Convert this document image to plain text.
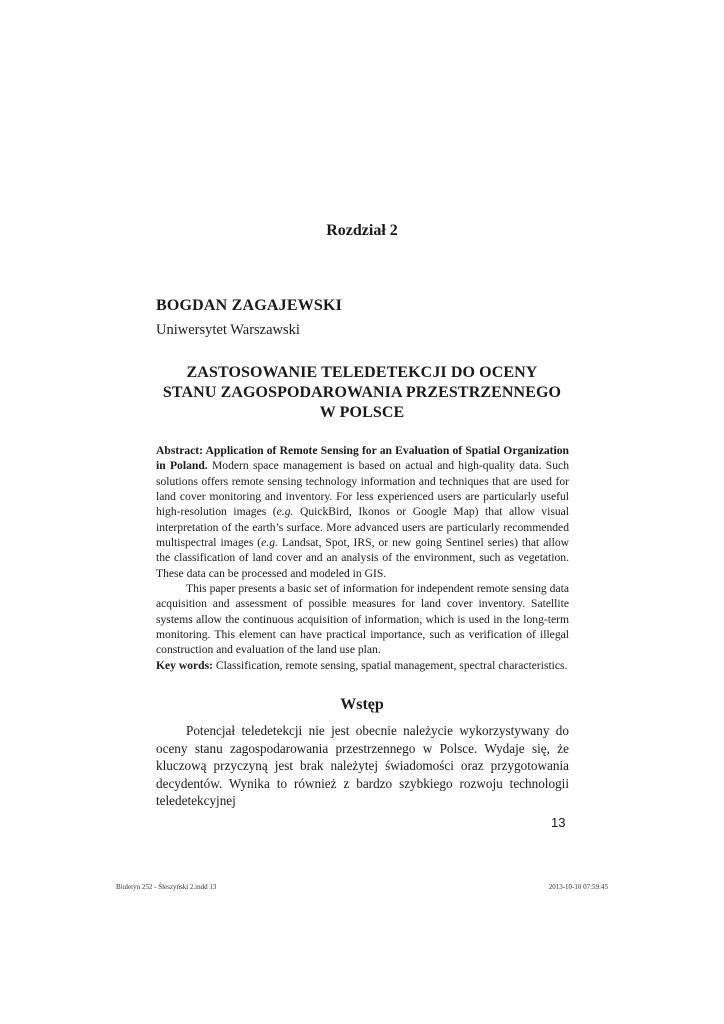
Rozdział 2
BOGDAN ZAGAJEWSKI
Uniwersytet Warszawski
ZASTOSOWANIE TELEDETEKCJI DO OCENY
STANU ZAGOSPODAROWANIA PRZESTRZENNEGO
W POLSCE

Abstract: Application of Remote Sensing for an Evaluation of Spatial Organization in Poland. Modern space management is based on actual and high-quality data. Such solutions offers remote sensing technology information and techniques that are used for land cover monitoring and inventory. For less experienced users are particularly useful high-resolution images (e.g. QuickBird, Ikonos or Google Map) that allow visual interpretation of the earth’s surface. More advanced users are particularly recommended multispectral images (e.g. Landsat, Spot, IRS, or new going Sentinel series) that allow the classification of land cover and an analysis of the environment, such as vegetation. These data can be processed and modeled in GIS.

This paper presents a basic set of information for independent remote sensing data acquisition and assessment of possible measures for land cover inventory. Satellite systems allow the continuous acquisition of information, which is used in the long-term monitoring. This element can have practical importance, such as verification of illegal construction and evaluation of the land use plan.

Key words: Classification, remote sensing, spatial management, spectral characteristics.

Wstęp

Potencjał teledetekcji nie jest obecnie należycie wykorzystywany do oceny stanu zagospodarowania przestrzennego w Polsce. Wydaje się, że kluczową przyczyną jest brak należytej świadomości oraz przygotowania decydentów. Wynika to również z bardzo szybkiego rozwoju technologii teledetekcyjnej

13
Biuletyn 252 - Śleszyński 2.indd 13	2013-10-10 07:59:45
